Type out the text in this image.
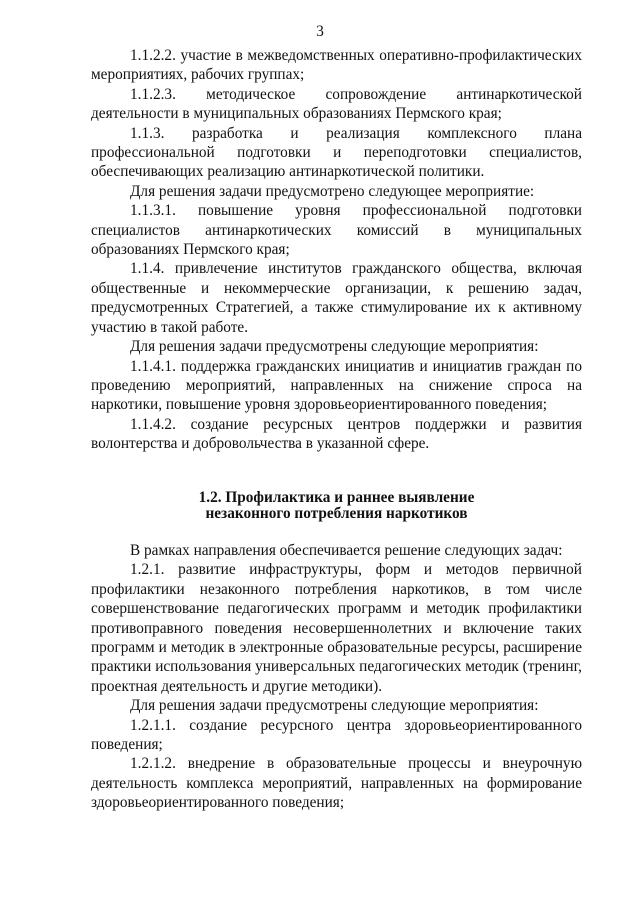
3

1.1.2.2. участие в межведомственных оперативно-профилактических мероприятиях, рабочих группах;

1.1.2.3. методическое сопровождение антинаркотической деятельности в муниципальных образованиях Пермского края;

1.1.3. разработка и реализация комплексного плана профессиональной подготовки и переподготовки специалистов, обеспечивающих реализацию антинаркотической политики.

Для решения задачи предусмотрено следующее мероприятие:

1.1.3.1. повышение уровня профессиональной подготовки специалистов антинаркотических комиссий в муниципальных образованиях Пермского края;

1.1.4. привлечение институтов гражданского общества, включая общественные и некоммерческие организации, к решению задач, предусмотренных Стратегией, а также стимулирование их к активному участию в такой работе.

Для решения задачи предусмотрены следующие мероприятия:

1.1.4.1. поддержка гражданских инициатив и инициатив граждан по проведению мероприятий, направленных на снижение спроса на наркотики, повышение уровня здоровьеориентированного поведения;

1.1.4.2. создание ресурсных центров поддержки и развития волонтерства и добровольчества в указанной сфере.

1.2. Профилактика и раннее выявление
незаконного потребления наркотиков

В рамках направления обеспечивается решение следующих задач:

1.2.1. развитие инфраструктуры, форм и методов первичной профилактики незаконного потребления наркотиков, в том числе совершенствование педагогических программ и методик профилактики противоправного поведения несовершеннолетних и включение таких программ и методик в электронные образовательные ресурсы, расширение практики использования универсальных педагогических методик (тренинг, проектная деятельность и другие методики).

Для решения задачи предусмотрены следующие мероприятия:

1.2.1.1. создание ресурсного центра здоровьеориентированного поведения;

1.2.1.2. внедрение в образовательные процессы и внеурочную деятельность комплекса мероприятий, направленных на формирование здоровьеориентированного поведения;
